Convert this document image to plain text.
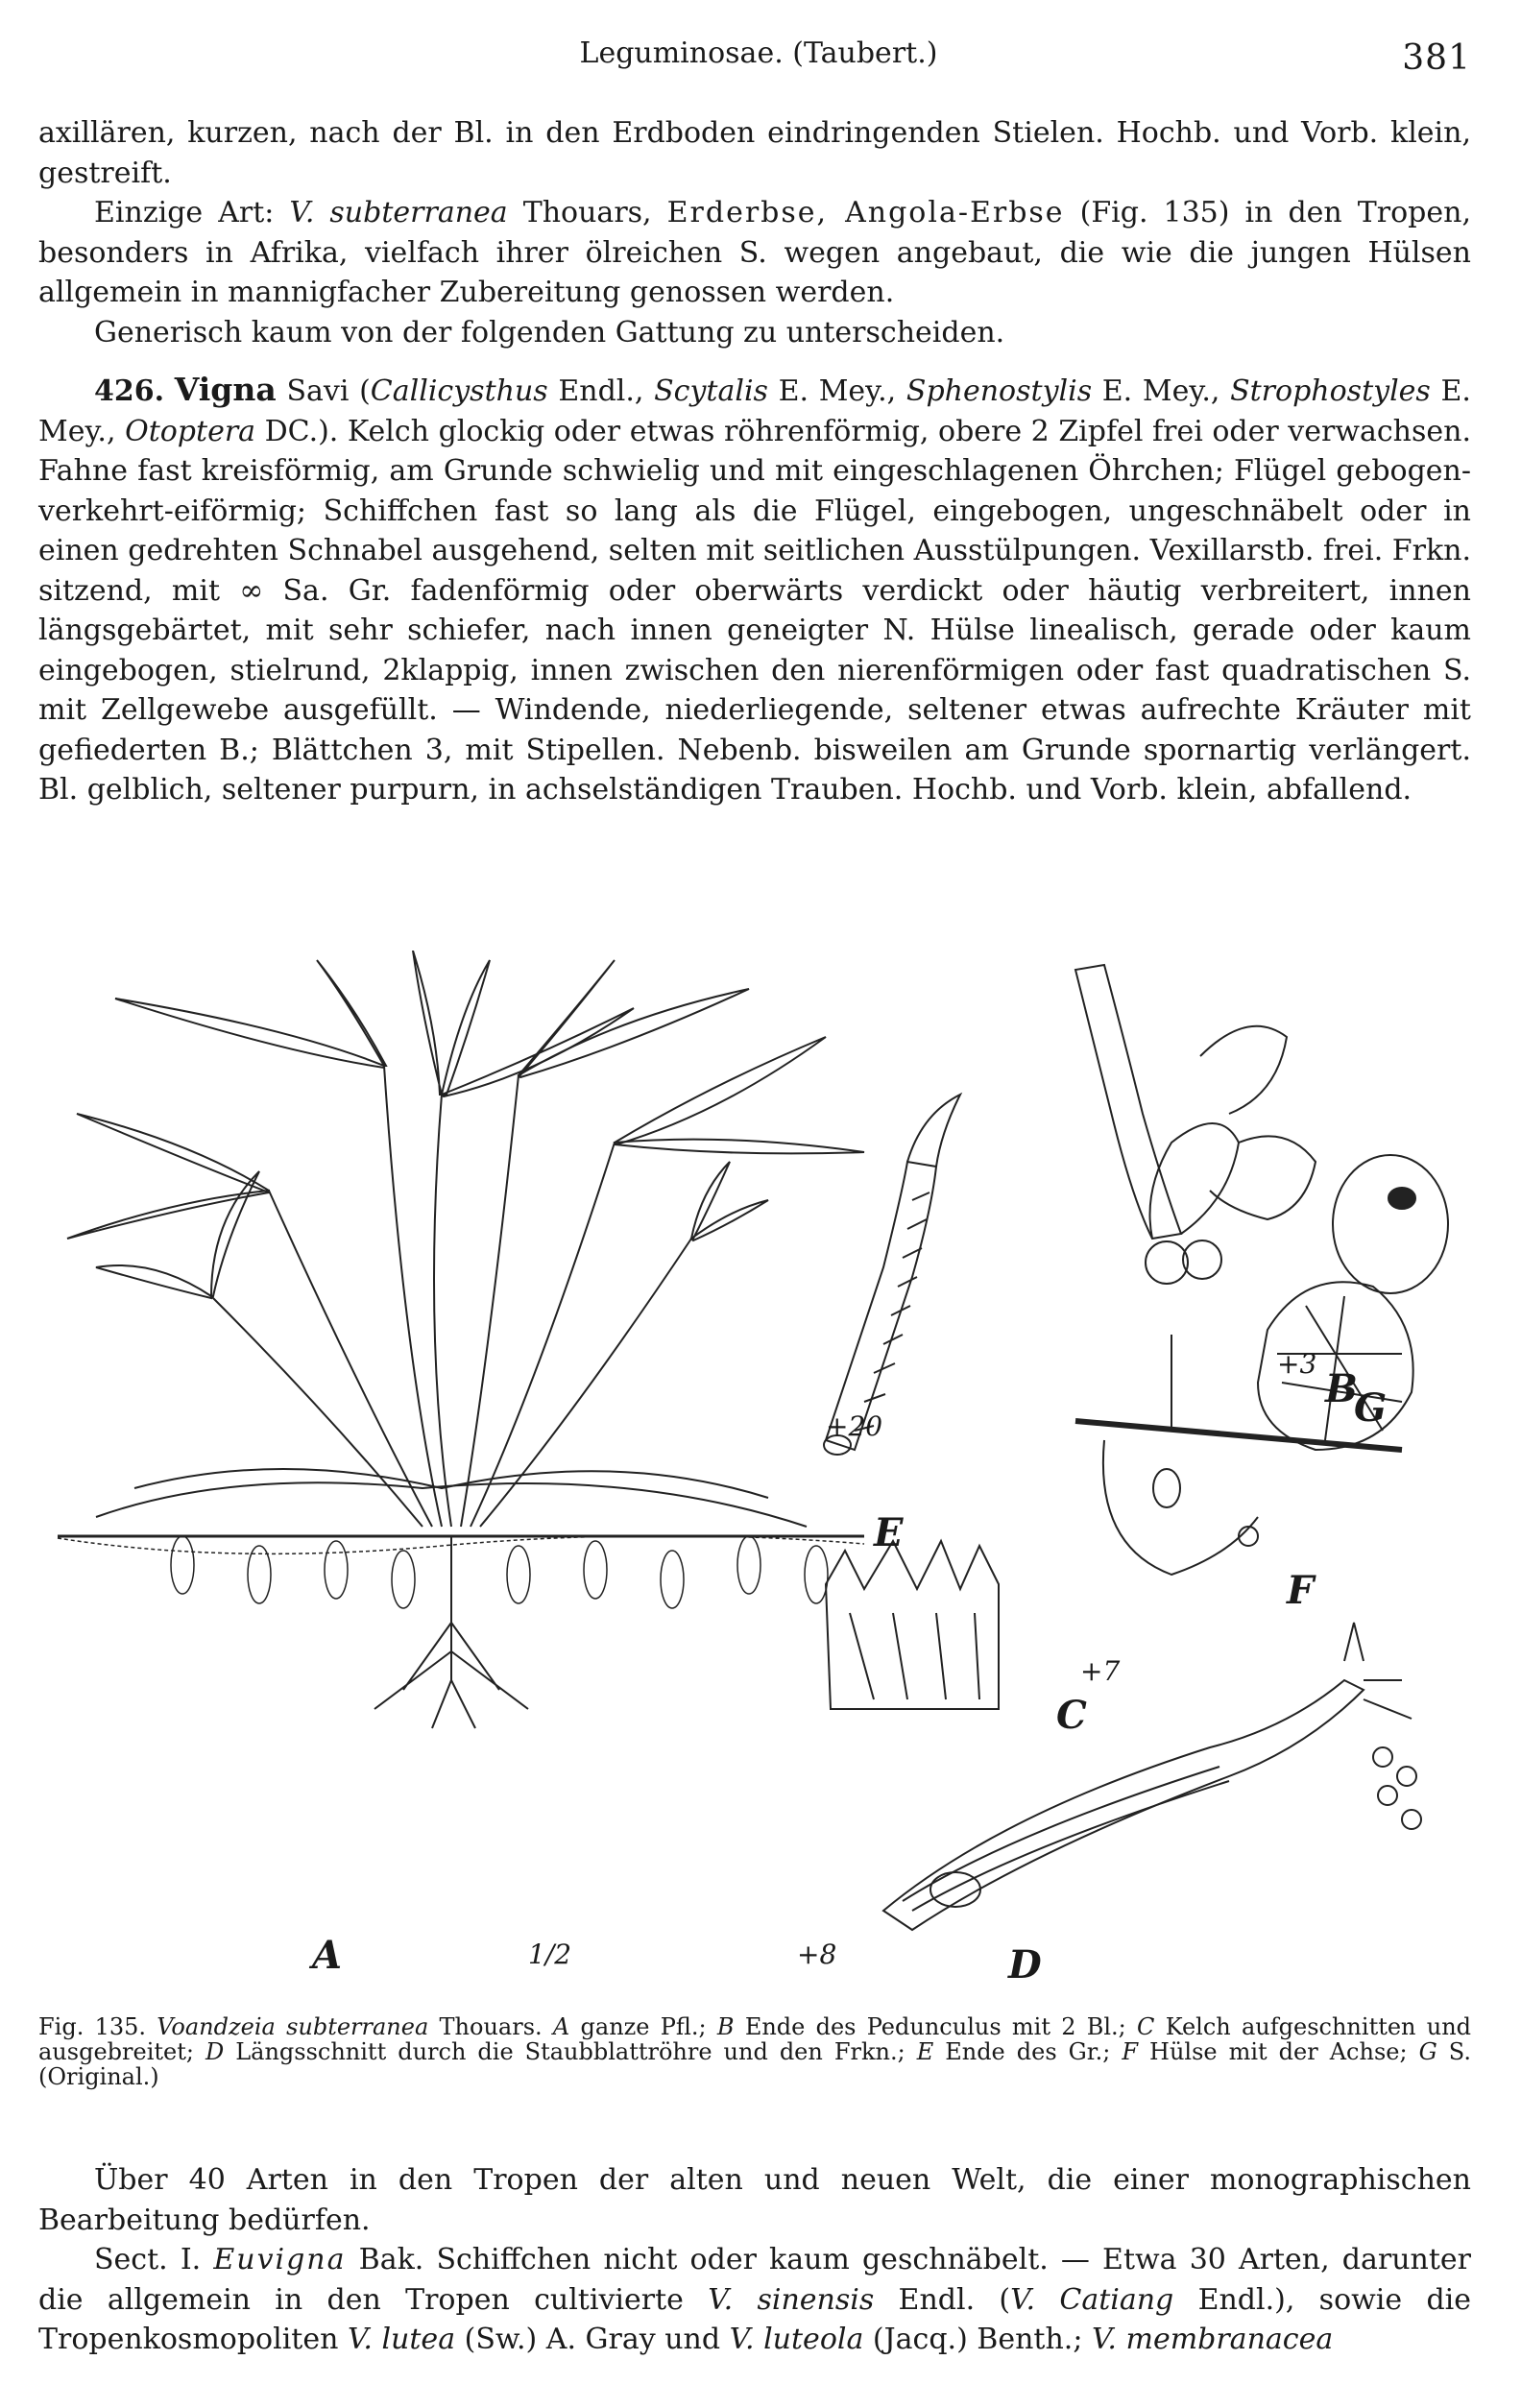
Leguminosae. (Taubert.)	381

axillären, kurzen, nach der Bl. in den Erdboden eindringenden Stielen. Hochb. und Vorb. klein, gestreift.

Einzige Art: V. subterranea Thouars, Erderbse, Angola-Erbse (Fig. 135) in den Tropen, besonders in Afrika, vielfach ihrer ölreichen S. wegen angebaut, die wie die jungen Hülsen allgemein in mannigfacher Zubereitung genossen werden.

Generisch kaum von der folgenden Gattung zu unterscheiden.

426. Vigna Savi (Callicysthus Endl., Scytalis E. Mey., Sphenostylis E. Mey., Strophostyles E. Mey., Otoptera DC.). Kelch glockig oder etwas röhrenförmig, obere 2 Zipfel frei oder verwachsen. Fahne fast kreisförmig, am Grunde schwielig und mit eingeschlagenen Öhrchen; Flügel gebogen-verkehrt-eiförmig; Schiffchen fast so lang als die Flügel, eingebogen, ungeschnäbelt oder in einen gedrehten Schnabel ausgehend, selten mit seitlichen Ausstülpungen. Vexillarstb. frei. Frkn. sitzend, mit ∞ Sa. Gr. fadenförmig oder oberwärts verdickt oder häutig verbreitert, innen längsgebärtet, mit sehr schiefer, nach innen geneigter N. Hülse linealisch, gerade oder kaum eingebogen, stielrund, 2klappig, innen zwischen den nierenförmigen oder fast quadratischen S. mit Zellgewebe ausgefüllt. — Windende, niederliegende, seltener etwas aufrechte Kräuter mit gefiederten B.; Blättchen 3, mit Stipellen. Nebenb. bisweilen am Grunde spornartig verlängert. Bl. gelblich, seltener purpurn, in achselständigen Trauben. Hochb. und Vorb. klein, abfallend.

A	1/2
B
+3
C
+7
D
+8
E
+20
F
G

Fig. 135. Voandzeia subterranea Thouars. A ganze Pfl.; B Ende des Pedunculus mit 2 Bl.; C Kelch aufgeschnitten und ausgebreitet; D Längsschnitt durch die Staubblattröhre und den Frkn.; E Ende des Gr.; F Hülse mit der Achse; G S. (Original.)

Über 40 Arten in den Tropen der alten und neuen Welt, die einer monographischen Bearbeitung bedürfen.

Sect. I. Euvigna Bak. Schiffchen nicht oder kaum geschnäbelt. — Etwa 30 Arten, darunter die allgemein in den Tropen cultivierte V. sinensis Endl. (V. Catiang Endl.), sowie die Tropenkosmopoliten V. lutea (Sw.) A. Gray und V. luteola (Jacq.) Benth.; V. membranacea
